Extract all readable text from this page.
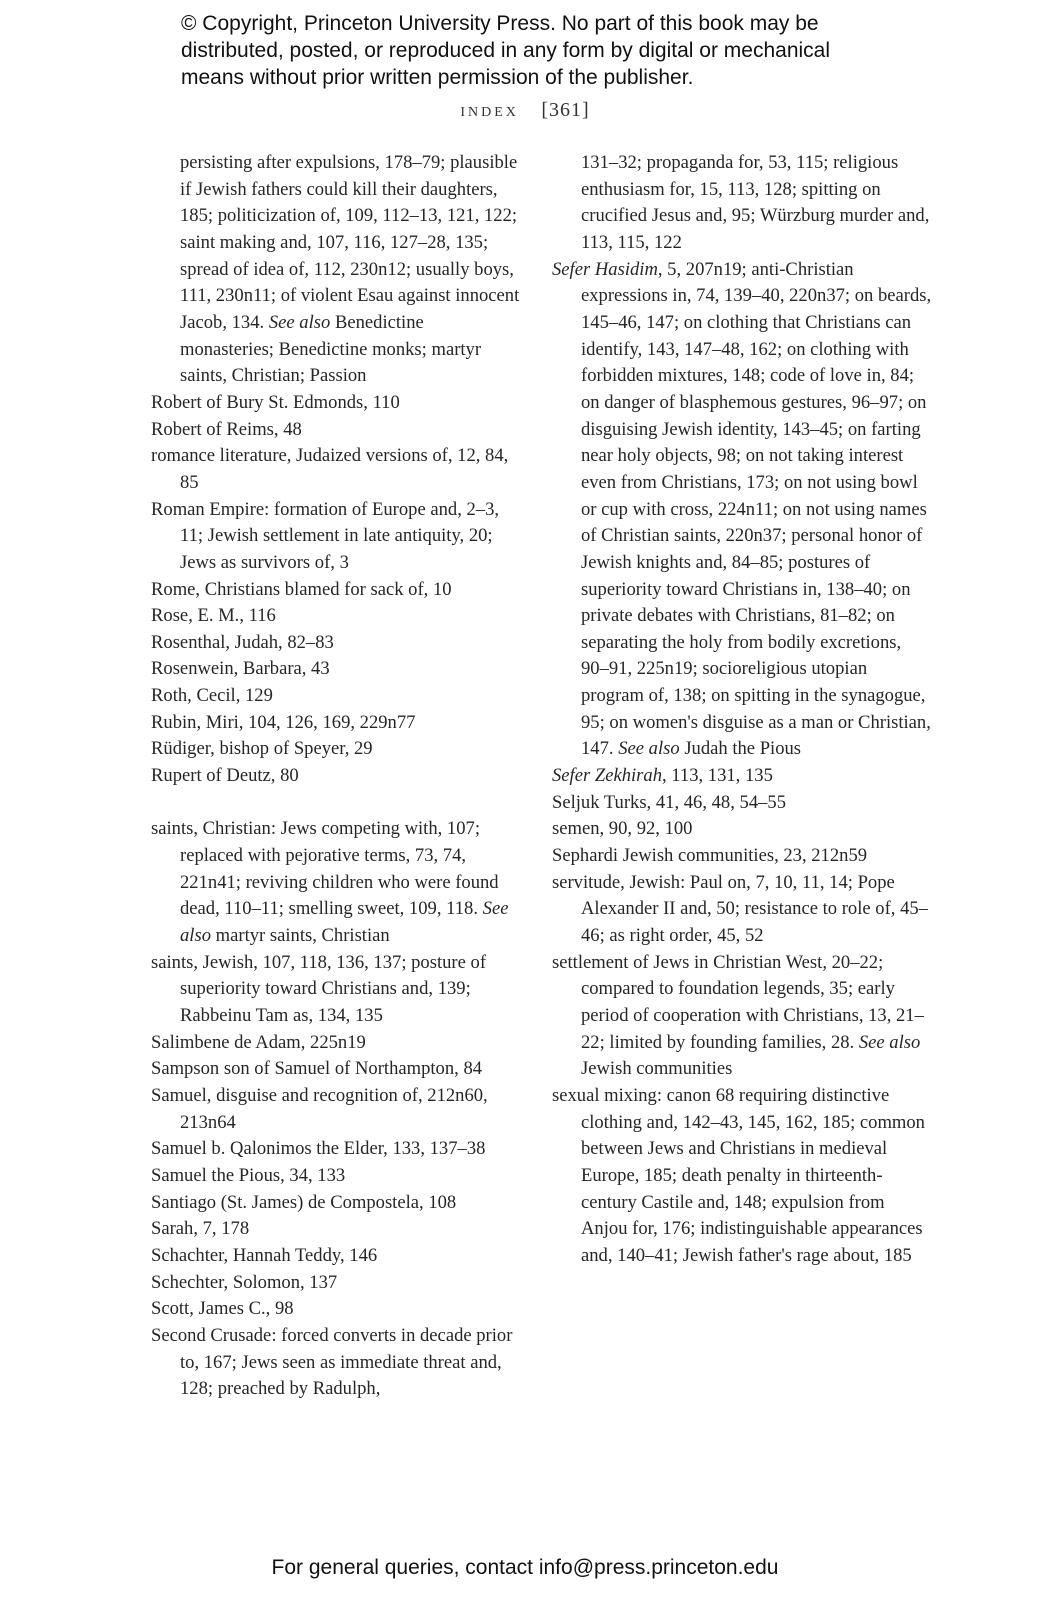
© Copyright, Princeton University Press. No part of this book may be
distributed, posted, or reproduced in any form by digital or mechanical
means without prior written permission of the publisher.
INDEX [361]

persisting after expulsions, 178–79; plausible if Jewish fathers could kill their daughters, 185; politicization of, 109, 112–13, 121, 122; saint making and, 107, 116, 127–28, 135; spread of idea of, 112, 230n12; usually boys, 111, 230n11; of violent Esau against innocent Jacob, 134. See also Benedictine monasteries; Benedictine monks; martyr saints, Christian; Passion

Robert of Bury St. Edmonds, 110

Robert of Reims, 48

romance literature, Judaized versions of, 12, 84, 85

Roman Empire: formation of Europe and, 2–3, 11; Jewish settlement in late antiquity, 20; Jews as survivors of, 3

Rome, Christians blamed for sack of, 10

Rose, E. M., 116

Rosenthal, Judah, 82–83

Rosenwein, Barbara, 43

Roth, Cecil, 129

Rubin, Miri, 104, 126, 169, 229n77

Rüdiger, bishop of Speyer, 29

Rupert of Deutz, 80

saints, Christian: Jews competing with, 107; replaced with pejorative terms, 73, 74, 221n41; reviving children who were found dead, 110–11; smelling sweet, 109, 118. See also martyr saints, Christian

saints, Jewish, 107, 118, 136, 137; posture of superiority toward Christians and, 139; Rabbeinu Tam as, 134, 135

Salimbene de Adam, 225n19

Sampson son of Samuel of Northampton, 84

Samuel, disguise and recognition of, 212n60, 213n64

Samuel b. Qalonimos the Elder, 133, 137–38

Samuel the Pious, 34, 133

Santiago (St. James) de Compostela, 108

Sarah, 7, 178

Schachter, Hannah Teddy, 146

Schechter, Solomon, 137

Scott, James C., 98

Second Crusade: forced converts in decade prior to, 167; Jews seen as immediate threat and, 128; preached by Radulph,

131–32; propaganda for, 53, 115; religious enthusiasm for, 15, 113, 128; spitting on crucified Jesus and, 95; Würzburg murder and, 113, 115, 122

Sefer Hasidim, 5, 207n19; anti-Christian expressions in, 74, 139–40, 220n37; on beards, 145–46, 147; on clothing that Christians can identify, 143, 147–48, 162; on clothing with forbidden mixtures, 148; code of love in, 84; on danger of blasphemous gestures, 96–97; on disguising Jewish identity, 143–45; on farting near holy objects, 98; on not taking interest even from Christians, 173; on not using bowl or cup with cross, 224n11; on not using names of Christian saints, 220n37; personal honor of Jewish knights and, 84–85; postures of superiority toward Christians in, 138–40; on private debates with Christians, 81–82; on separating the holy from bodily excretions, 90–91, 225n19; socioreligious utopian program of, 138; on spitting in the synagogue, 95; on women's disguise as a man or Christian, 147. See also Judah the Pious

Sefer Zekhirah, 113, 131, 135

Seljuk Turks, 41, 46, 48, 54–55

semen, 90, 92, 100

Sephardi Jewish communities, 23, 212n59

servitude, Jewish: Paul on, 7, 10, 11, 14; Pope Alexander II and, 50; resistance to role of, 45–46; as right order, 45, 52

settlement of Jews in Christian West, 20–22; compared to foundation legends, 35; early period of cooperation with Christians, 13, 21–22; limited by founding families, 28. See also Jewish communities

sexual mixing: canon 68 requiring distinctive clothing and, 142–43, 145, 162, 185; common between Jews and Christians in medieval Europe, 185; death penalty in thirteenth-century Castile and, 148; expulsion from Anjou for, 176; indistinguishable appearances and, 140–41; Jewish father's rage about, 185

For general queries, contact info@press.princeton.edu
